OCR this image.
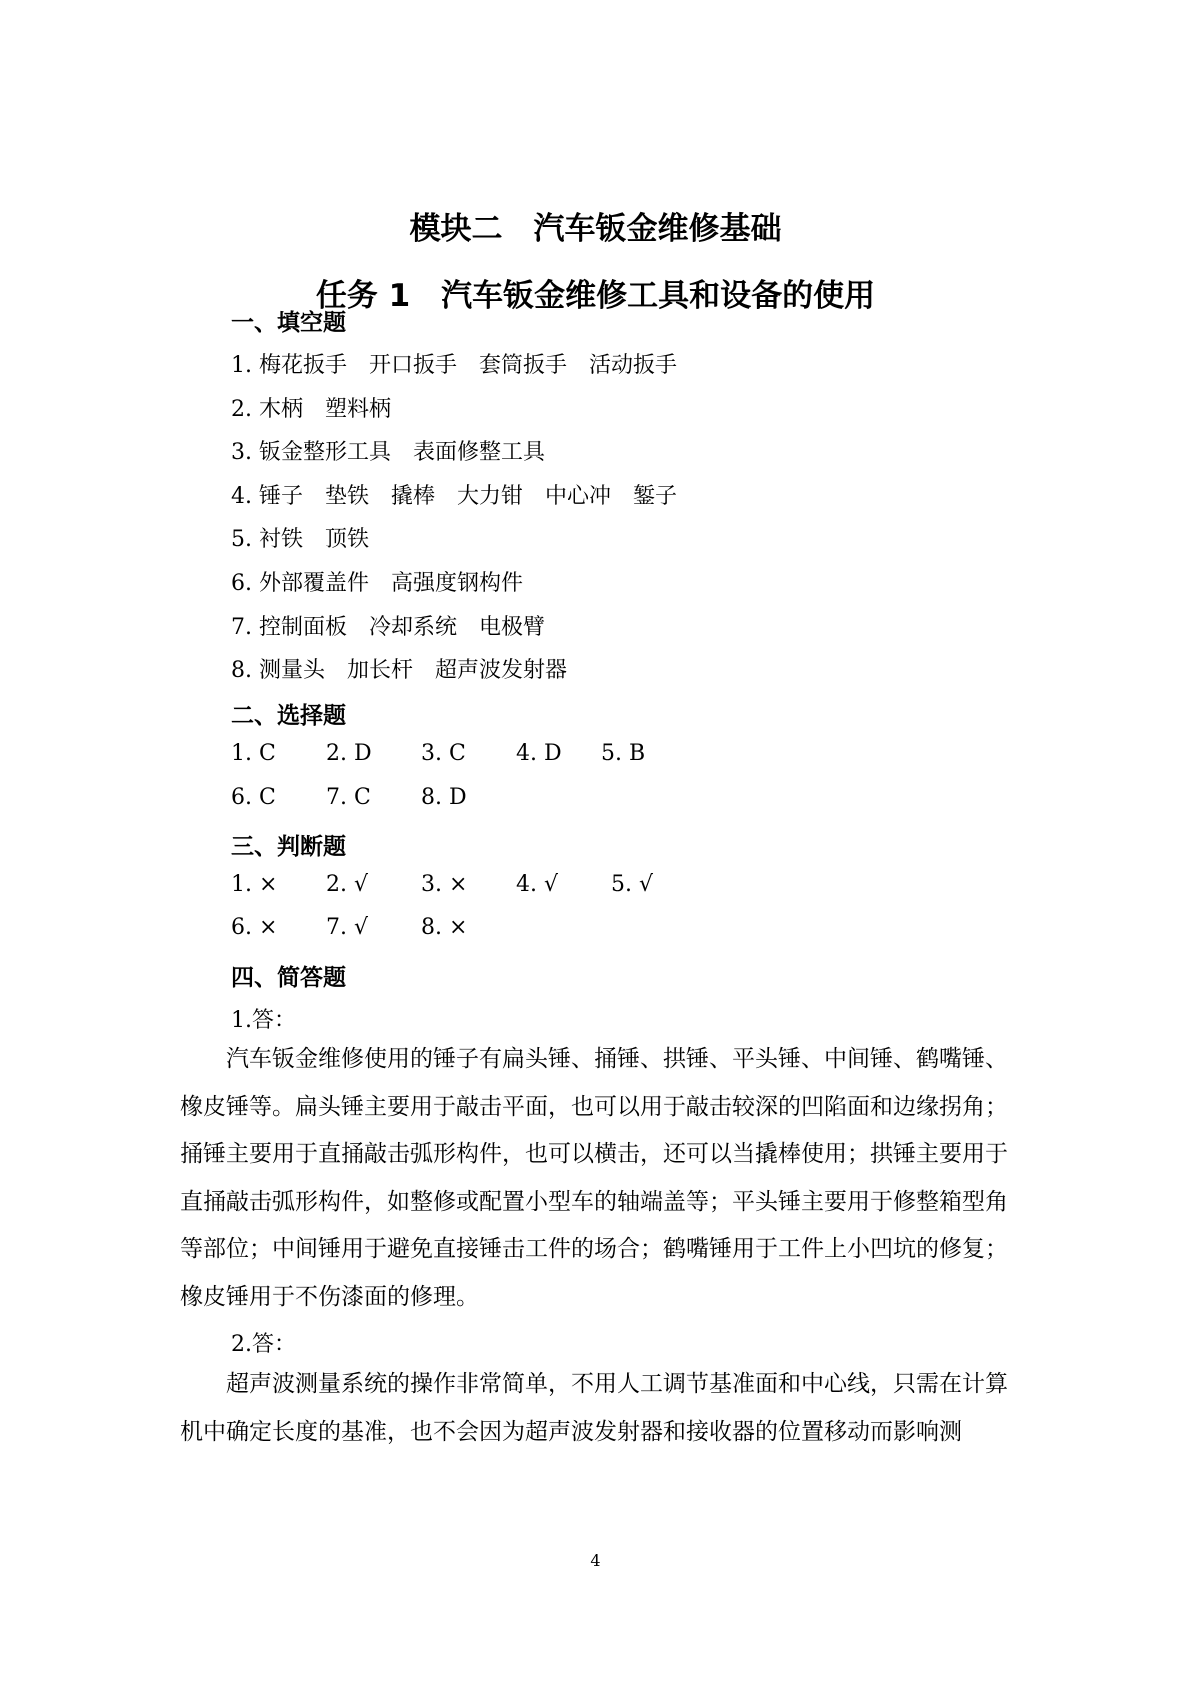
模块二　汽车钣金维修基础
任务 1　汽车钣金维修工具和设备的使用
一、填空题
1. 梅花扳手　开口扳手　套筒扳手　活动扳手
2. 木柄　塑料柄
3. 钣金整形工具　表面修整工具
4. 锤子　垫铁　撬棒　大力钳　中心冲　錾子
5. 衬铁　顶铁
6. 外部覆盖件　高强度钢构件
7. 控制面板　冷却系统　电极臂
8. 测量头　加长杆　超声波发射器
二、选择题
1. C 2. D 3. C 4. D 5. B
6. C 7. C 8. D
三、判断题
1. × 2. √ 3. × 4. √ 5. √
6. × 7. √ 8. ×
四、简答题
1.答：

汽车钣金维修使用的锤子有扁头锤、捅锤、拱锤、平头锤、中间锤、鹤嘴锤、橡皮锤等。扁头锤主要用于敲击平面，也可以用于敲击较深的凹陷面和边缘拐角；捅锤主要用于直捅敲击弧形构件，也可以横击，还可以当撬棒使用；拱锤主要用于直捅敲击弧形构件，如整修或配置小型车的轴端盖等；平头锤主要用于修整箱型角等部位；中间锤用于避免直接锤击工件的场合；鹤嘴锤用于工件上小凹坑的修复；橡皮锤用于不伤漆面的修理。

2.答：

超声波测量系统的操作非常简单，不用人工调节基准面和中心线，只需在计算机中确定长度的基准，也不会因为超声波发射器和接收器的位置移动而影响测

4
